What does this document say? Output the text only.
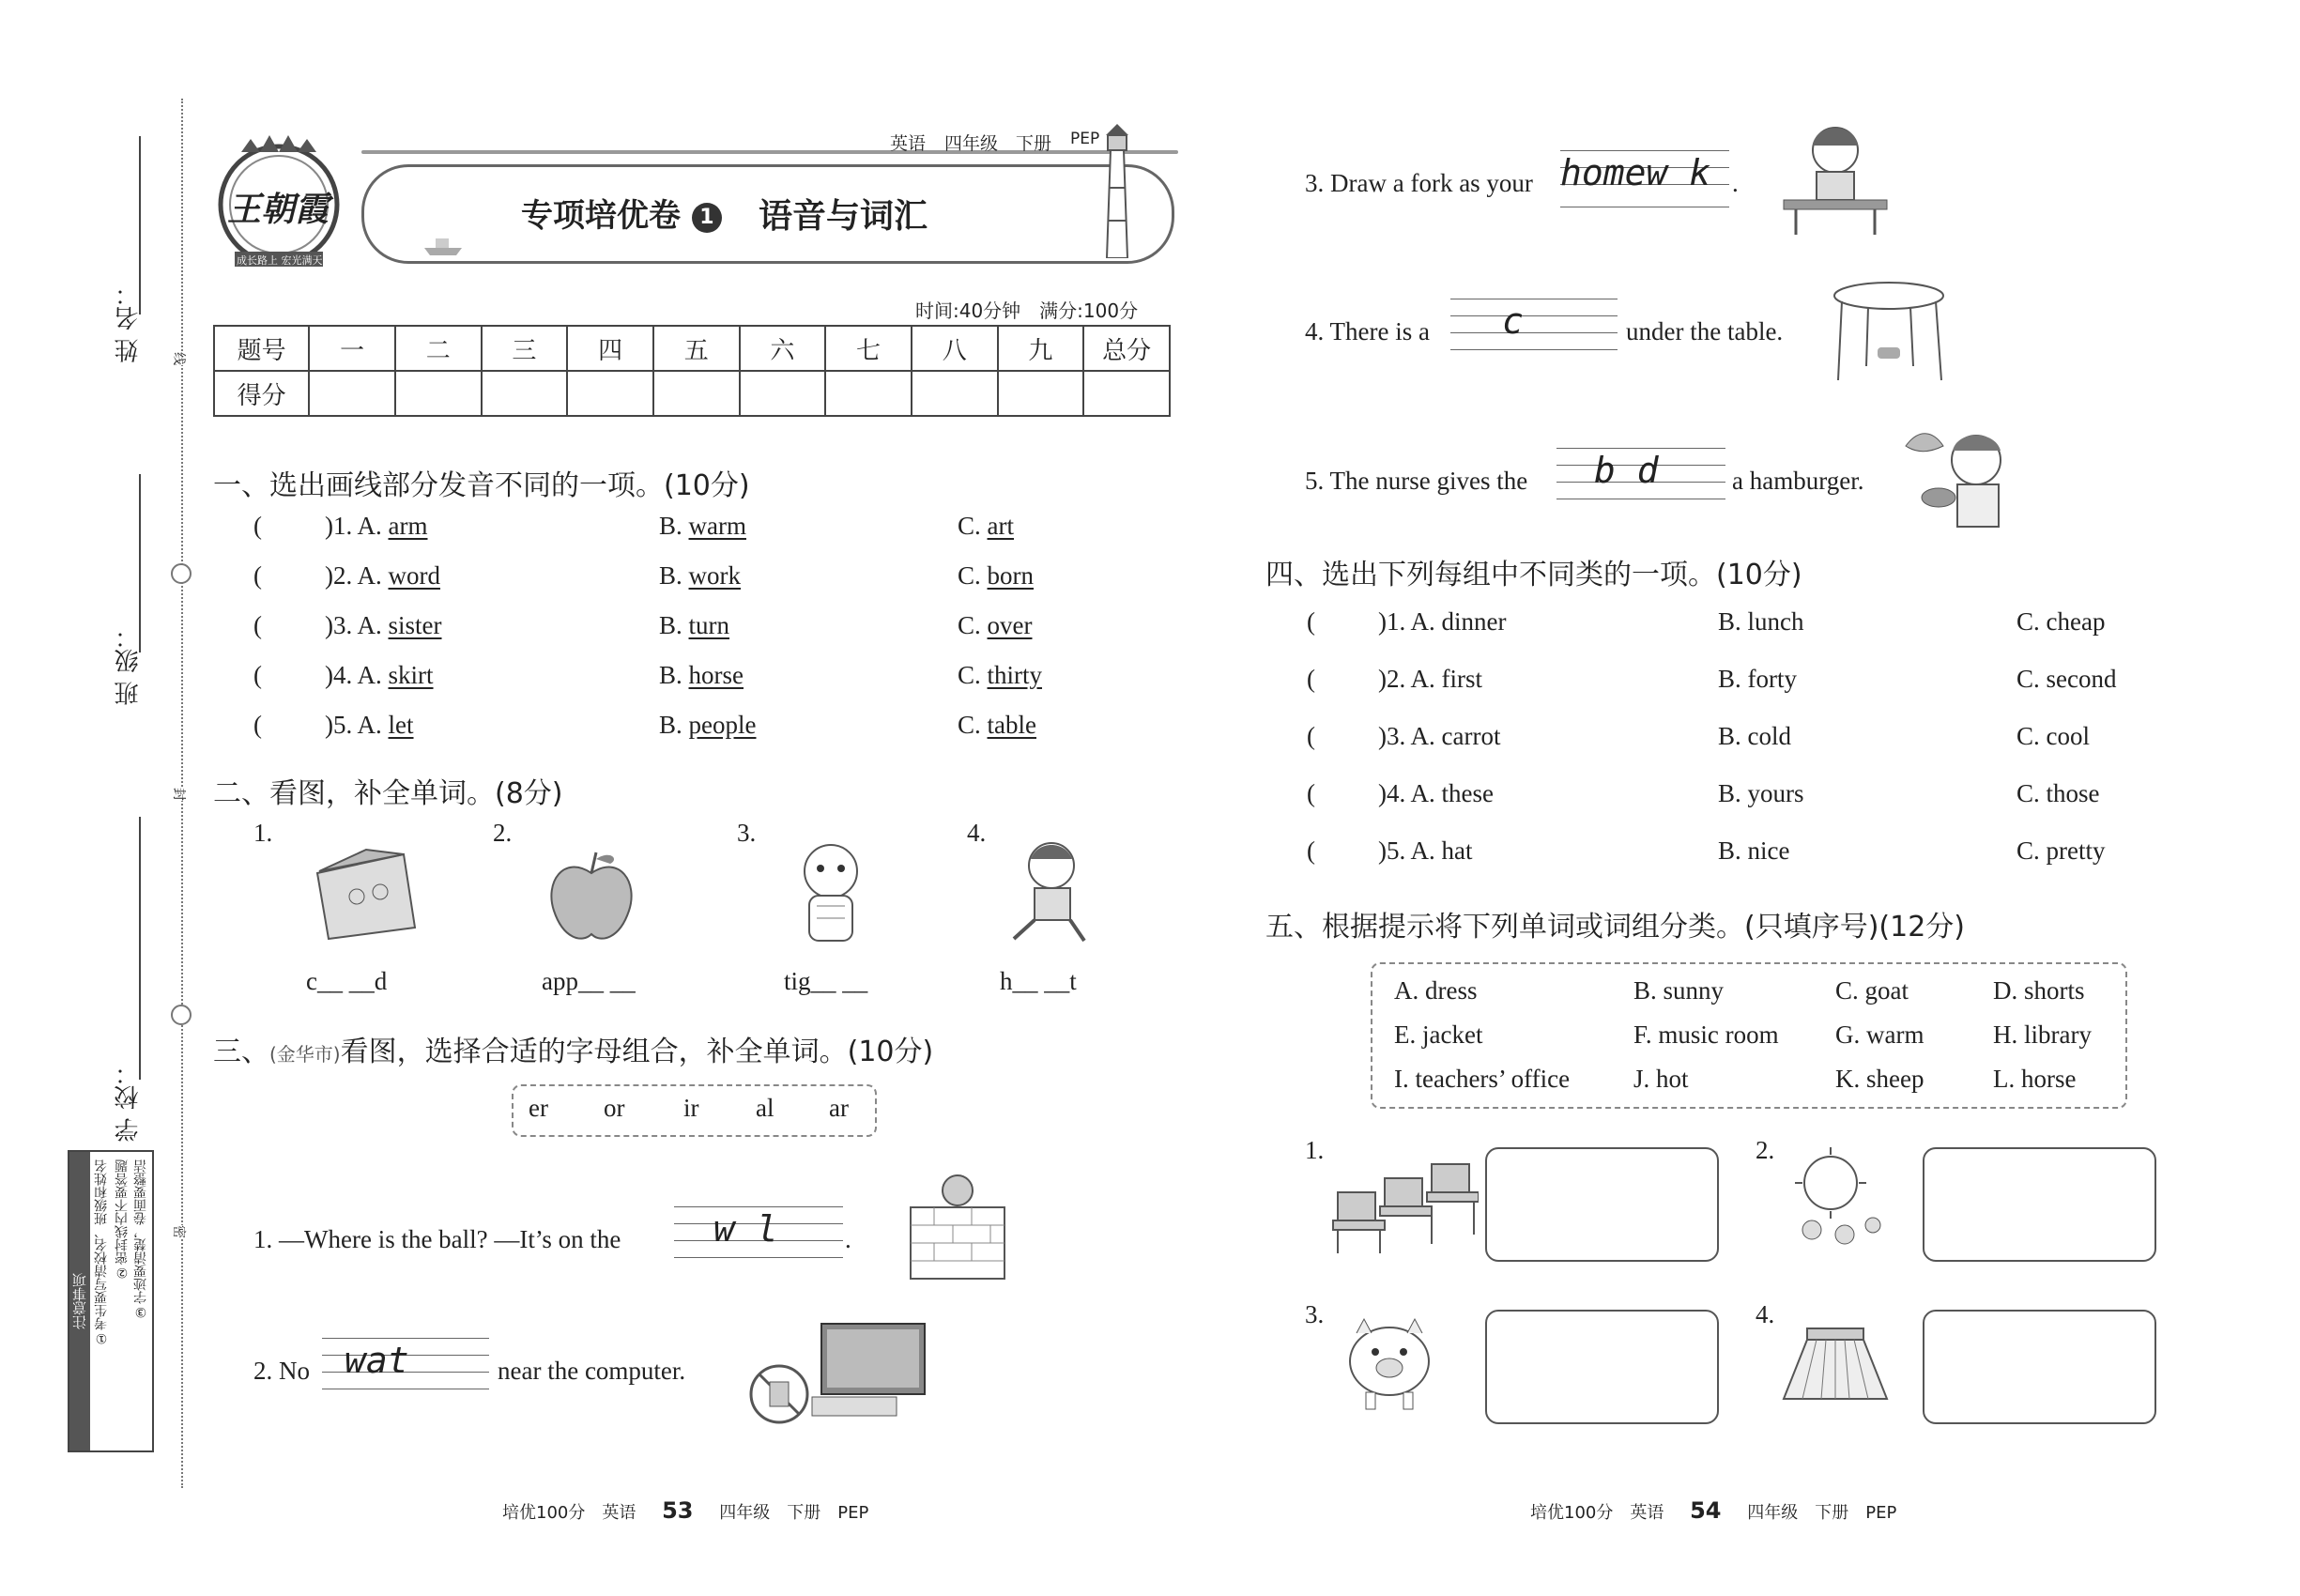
姓 名：
班 级：
学 校：
线
封
密
注意事项 ①考生要写清校名、班级和姓名 ②密封线内不要答题 ③字迹要清楚，卷面要整洁
王朝霞
成长路上 宏光满天
英语 四年级 下册 PEP
专项培优卷 1 语音与词汇
时间:40分钟　满分:100分
题号	一	二	三	四	五	六	七	八	九	总分
得分										
一、选出画线部分发音不同的一项。(10分)
( )1. A. arm	B. warm	C. art
( )2. A. word	B. work	C. born
( )3. A. sister	B. turn	C. over
( )4. A. skirt	B. horse	C. thirty
( )5. A. let	B. people	C. table
二、看图，补全单词。(8分)
1.
c__ __d
2.
app__ __
3.
tig__ __
4.
h__ __t
三、(金华市)看图，选择合适的字母组合，补全单词。(10分)
er or ir al ar
1. —Where is the ball? —It’s on the	w l	.
2. No wat	near the computer.
培优100分　 英语 53 四年级　 下册　 PEP
3. Draw a fork as your homew k .
4. There is a c	under the table.
5. The nurse gives the b d	a hamburger.
四、选出下列每组中不同类的一项。(10分)
( )1. A. dinner	B. lunch	C. cheap
( )2. A. first	B. forty	C. second
( )3. A. carrot	B. cold	C. cool
( )4. A. these	B. yours	C. those
( )5. A. hat	B. nice	C. pretty
五、根据提示将下列单词或词组分类。(只填序号)(12分)
A. dress	B. sunny	C. goat	D. shorts
E. jacket	F. music room G. warm	H. library
I. teachers’ office	J. hot	K. sheep	L. horse
1.	2.
3.	4.
培优100分　 英语 54 四年级　 下册　 PEP
